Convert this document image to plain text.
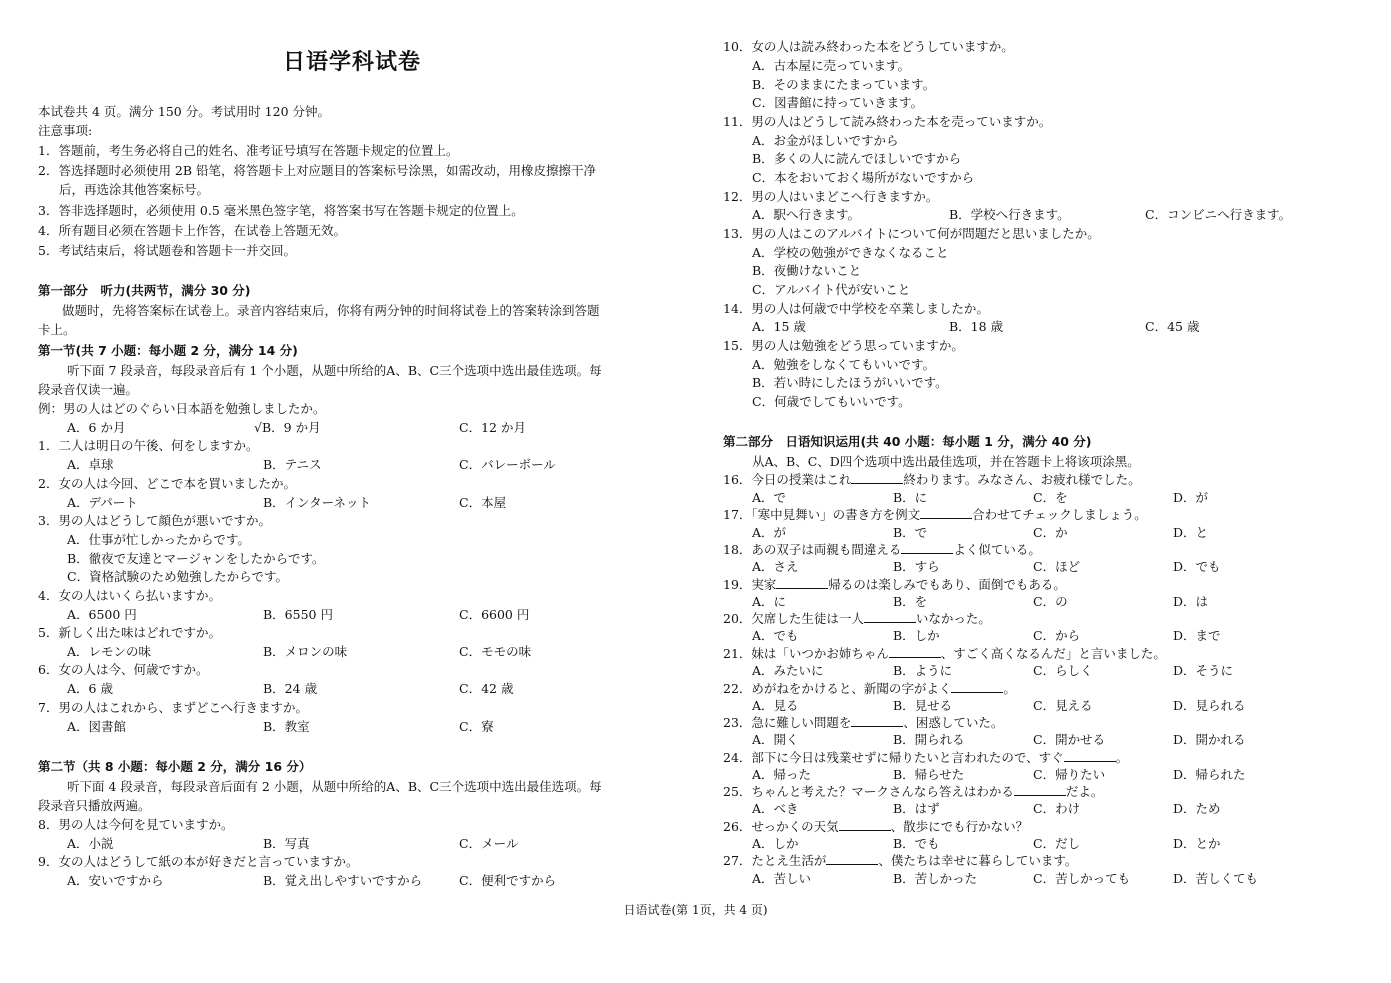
日语学科试卷
本试卷共 4 页。满分 150 分。考试用时 120 分钟。
注意事项:
1．答题前，考生务必将自己的姓名、准考证号填写在答题卡规定的位置上。
2．答选择题时必须使用 2B 铅笔，将答题卡上对应题目的答案标号涂黑，如需改动，用橡皮擦擦干净
后，再选涂其他答案标号。
3．答非选择题时，必须使用 0.5 毫米黑色签字笔，将答案书写在答题卡规定的位置上。
4．所有题目必须在答题卡上作答，在试卷上答题无效。
5．考试结束后，将试题卷和答题卡一并交回。
第一部分　听力(共两节，满分 30 分)
做题时，先将答案标在试卷上。录音内容结束后，你将有两分钟的时间将试卷上的答案转涂到答题
卡上。
第一节(共 7 小题：每小题 2 分，满分 14 分)
听下面 7 段录音，每段录音后有 1 个小题，从题中所给的A、B、C三个选项中选出最佳选项。每
段录音仅读一遍。
例：男の人はどのぐらい日本語を勉強しましたか。
A．6 か月	√B．9 か月	C．12 か月
1．二人は明日の午後、何をしますか。
A．卓球	B．テニス	C．バレーボール
2．女の人は今回、どこで本を買いましたか。
A．デパート	B．インターネット	C．本屋
3．男の人はどうして顔色が悪いですか。
A．仕事が忙しかったからです。
B．徹夜で友達とマージャンをしたからです。
C．資格試験のため勉強したからです。
4．女の人はいくら払いますか。
A．6500 円	B．6550 円	C．6600 円
5．新しく出た味はどれですか。
A．レモンの味	B．メロンの味	C．モモの味
6．女の人は今、何歳ですか。
A．6 歳	B．24 歳	C．42 歳
7．男の人はこれから、まずどこへ行きますか。
A．図書館	B．教室	C．寮
第二节（共 8 小题：每小题 2 分，满分 16 分）
听下面 4 段录音，每段录音后面有 2 小题，从题中所给的A、B、C三个选项中选出最佳选项。每
段录音只播放两遍。
8．男の人は今何を見ていますか。
A．小説	B．写真	C．メール
9．女の人はどうして紙の本が好きだと言っていますか。
A．安いですから	B．覚え出しやすいですから	C．便利ですから
10．女の人は読み終わった本をどうしていますか。
A．古本屋に売っています。
B．そのままにたまっています。
C．図書館に持っていきます。
11．男の人はどうして読み終わった本を売っていますか。
A．お金がほしいですから
B．多くの人に読んでほしいですから
C．本をおいておく場所がないですから
12．男の人はいまどこへ行きますか。
A．駅へ行きます。	B．学校へ行きます。	C．コンビニへ行きます。
13．男の人はこのアルバイトについて何が問題だと思いましたか。
A．学校の勉強ができなくなること
B．夜働けないこと
C．アルバイト代が安いこと
14．男の人は何歳で中学校を卒業しましたか。
A．15 歳	B．18 歳	C．45 歳
15．男の人は勉強をどう思っていますか。
A．勉強をしなくてもいいです。
B．若い時にしたほうがいいです。
C．何歳でしてもいいです。
第二部分　日语知识运用(共 40 小题：每小题 1 分，满分 40 分)
从A、B、C、D四个选项中选出最佳选项，并在答题卡上将该项涂黑。
16．今日の授業はこれ	終わります。みなさん、お疲れ様でした。
A．で	B．に	C．を	D．が
17．「寒中見舞い」の書き方を例文	合わせてチェックしましょう。
A．が	B．で	C．か	D．と
18．あの双子は両親も間違える	よく似ている。
A．さえ	B．すら	C．ほど	D．でも
19．実家	帰るのは楽しみでもあり、面倒でもある。
A．に	B．を	C．の	D．は
20．欠席した生徒は一人	いなかった。
A．でも	B．しか	C．から	D．まで
21．妹は「いつかお姉ちゃん	、すごく高くなるんだ」と言いました。
A．みたいに	B．ように	C．らしく	D．そうに
22．めがねをかけると、新聞の字がよく	。
A．見る	B．見せる	C．見える	D．見られる
23．急に難しい問題を	、困惑していた。
A．開く	B．開られる	C．開かせる	D．開かれる
24．部下に今日は残業せずに帰りたいと言われたので、すぐ	。
A．帰った	B．帰らせた	C．帰りたい	D．帰られた
25．ちゃんと考えた？マークさんなら答えはわかる	だよ。
A．べき	B．はず	C．わけ	D．ため
26．せっかくの天気	、散歩にでも行かない？
A．しか	B．でも	C．だし	D．とか
27．たとえ生活が	、僕たちは幸せに暮らしています。
A．苦しい	B．苦しかった	C．苦しかっても	D．苦しくても
日语试卷(第 1页，共 4 页)
